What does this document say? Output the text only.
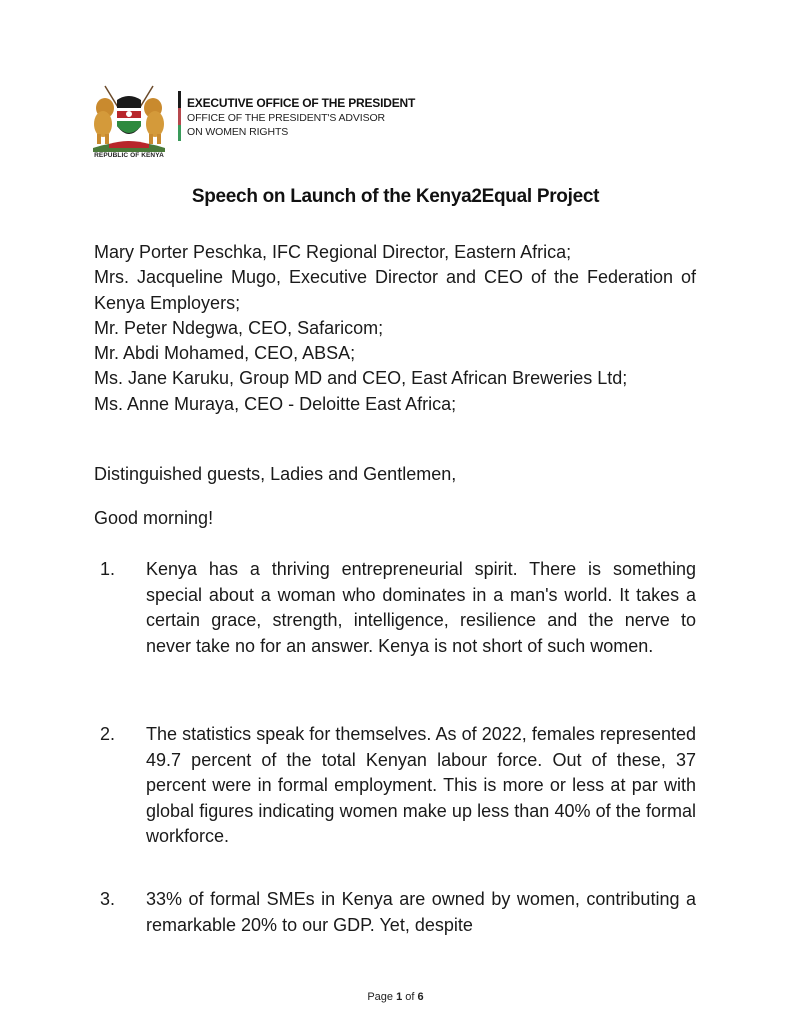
REPUBLIC OF KENYA
EXECUTIVE OFFICE OF THE PRESIDENT
OFFICE OF THE PRESIDENT'S ADVISOR
ON WOMEN RIGHTS
Speech on Launch of the Kenya2Equal Project
Mary Porter Peschka, IFC Regional Director, Eastern Africa;
Mrs. Jacqueline Mugo, Executive Director and CEO of the Federation of Kenya Employers;
Mr. Peter Ndegwa, CEO, Safaricom;
Mr. Abdi Mohamed, CEO, ABSA;
Ms. Jane Karuku, Group MD and CEO, East African Breweries Ltd;
Ms. Anne Muraya, CEO - Deloitte East Africa;
Distinguished guests, Ladies and Gentlemen,
Good morning!
1.	Kenya has a thriving entrepreneurial spirit. There is something special about a woman who dominates in a man's world. It takes a certain grace, strength, intelligence, resilience and the nerve to never take no for an answer. Kenya is not short of such women.
2.	The statistics speak for themselves. As of 2022, females represented 49.7 percent of the total Kenyan labour force. Out of these, 37 percent were in formal employment. This is more or less at par with global figures indicating women make up less than 40% of the formal workforce.
3.	33% of formal SMEs in Kenya are owned by women, contributing a remarkable 20% to our GDP. Yet, despite
Page 1 of 6
